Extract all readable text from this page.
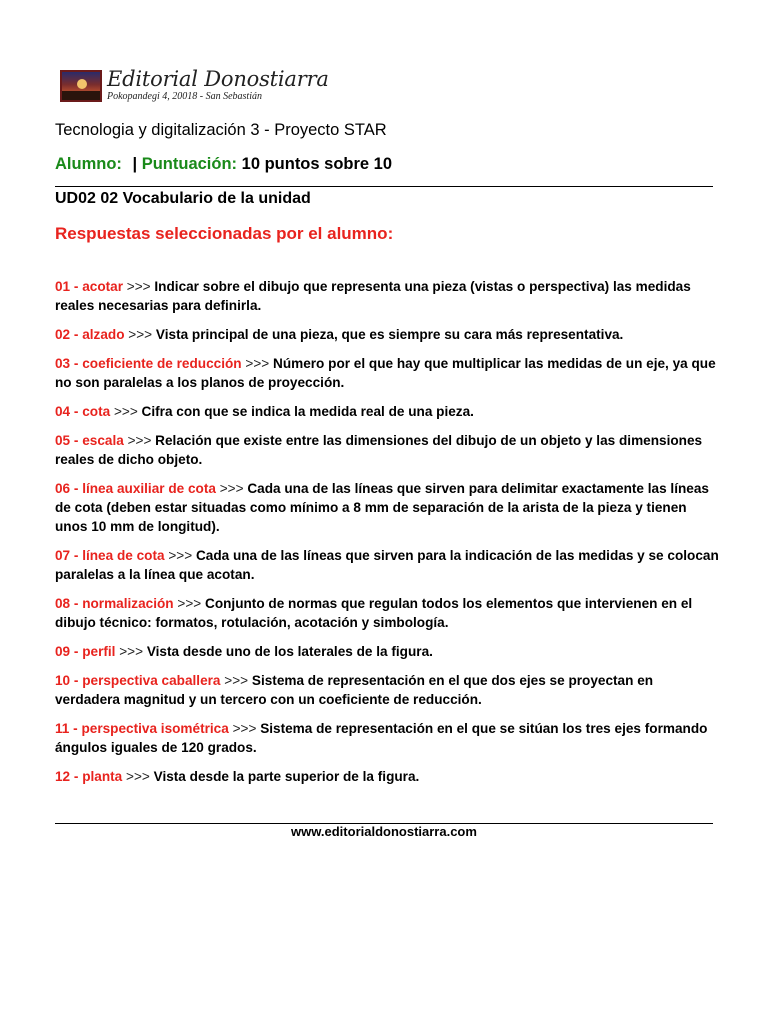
Editorial Donostiarra
Pokopandegi 4, 20018 - San Sebastián
Tecnologia y digitalización 3 - Proyecto STAR
Alumno: | Puntuación: 10 puntos sobre 10
UD02 02 Vocabulario de la unidad
Respuestas seleccionadas por el alumno:
01 - acotar >>> Indicar sobre el dibujo que representa una pieza (vistas o perspectiva) las medidas reales necesarias para definirla.
02 - alzado >>> Vista principal de una pieza, que es siempre su cara más representativa.
03 - coeficiente de reducción >>> Número por el que hay que multiplicar las medidas de un eje, ya que no son paralelas a los planos de proyección.
04 - cota >>> Cifra con que se indica la medida real de una pieza.
05 - escala >>> Relación que existe entre las dimensiones del dibujo de un objeto y las dimensiones reales de dicho objeto.
06 - línea auxiliar de cota >>> Cada una de las líneas que sirven para delimitar exactamente las líneas de cota (deben estar situadas como mínimo a 8 mm de separación de la arista de la pieza y tienen unos 10 mm de longitud).
07 - línea de cota >>> Cada una de las líneas que sirven para la indicación de las medidas y se colocan paralelas a la línea que acotan.
08 - normalización >>> Conjunto de normas que regulan todos los elementos que intervienen en el dibujo técnico: formatos, rotulación, acotación y simbología.
09 - perfil >>> Vista desde uno de los laterales de la figura.
10 - perspectiva caballera >>> Sistema de representación en el que dos ejes se proyectan en verdadera magnitud y un tercero con un coeficiente de reducción.
11 - perspectiva isométrica >>> Sistema de representación en el que se sitúan los tres ejes formando ángulos iguales de 120 grados.
12 - planta >>> Vista desde la parte superior de la figura.
www.editorialdonostiarra.com
